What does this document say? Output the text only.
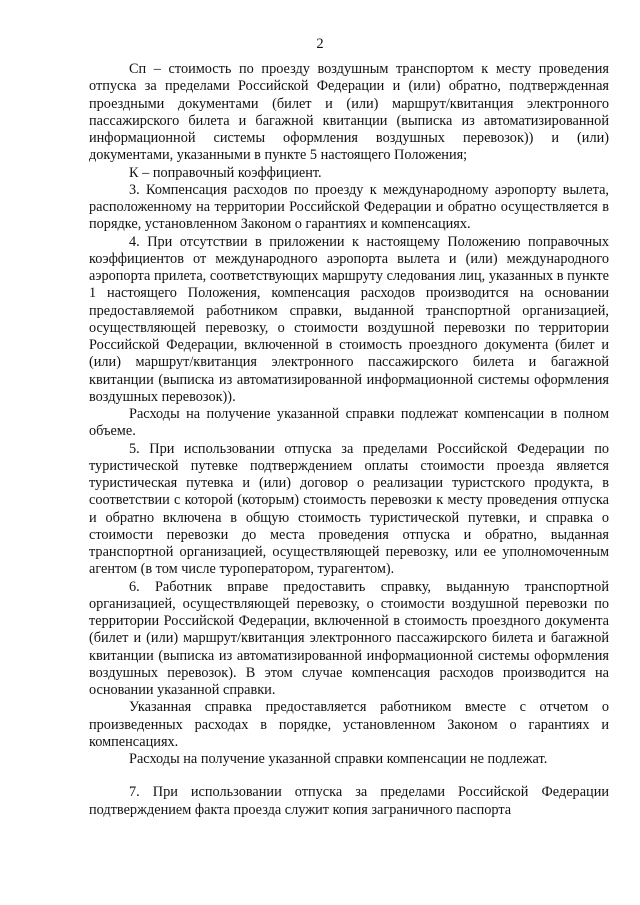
2

Сп – стоимость по проезду воздушным транспортом к месту проведения отпуска за пределами Российской Федерации и (или) обратно, подтвержденная проездными документами (билет и (или) маршрут/квитанция электронного пассажирского билета и багажной квитанции (выписка из автоматизированной информационной системы оформления воздушных перевозок)) и (или) документами, указанными в пункте 5 настоящего Положения;

К – поправочный коэффициент.

3. Компенсация расходов по проезду к международному аэропорту вылета, расположенному на территории Российской Федерации и обратно осуществляется в порядке, установленном Законом о гарантиях и компенсациях.

4. При отсутствии в приложении к настоящему Положению поправочных коэффициентов от международного аэропорта вылета и (или) международного аэропорта прилета, соответствующих маршруту следования лиц, указанных в пункте 1 настоящего Положения, компенсация расходов производится на основании предоставляемой работником справки, выданной транспортной организацией, осуществляющей перевозку, о стоимости воздушной перевозки по территории Российской Федерации, включенной в стоимость проездного документа (билет и (или) маршрут/квитанция электронного пассажирского билета и багажной квитанции (выписка из автоматизированной информационной системы оформления воздушных перевозок)).

Расходы на получение указанной справки подлежат компенсации в полном объеме.

5. При использовании отпуска за пределами Российской Федерации по туристической путевке подтверждением оплаты стоимости проезда является туристическая путевка и (или) договор о реализации туристского продукта, в соответствии с которой (которым) стоимость перевозки к месту проведения отпуска и обратно включена в общую стоимость туристической путевки, и справка о стоимости перевозки до места проведения отпуска и обратно, выданная транспортной организацией, осуществляющей перевозку, или ее уполномоченным агентом (в том числе туроператором, турагентом).

6. Работник вправе предоставить справку, выданную транспортной организацией, осуществляющей перевозку, о стоимости воздушной перевозки по территории Российской Федерации, включенной в стоимость проездного документа (билет и (или) маршрут/квитанция электронного пассажирского билета и багажной квитанции (выписка из автоматизированной информационной системы оформления воздушных перевозок). В этом случае компенсация расходов производится на основании указанной справки.

Указанная справка предоставляется работником вместе с отчетом о произведенных расходах в порядке, установленном Законом о гарантиях и компенсациях.

Расходы на получение указанной справки компенсации не подлежат.

7. При использовании отпуска за пределами Российской Федерации подтверждением факта проезда служит копия заграничного паспорта
